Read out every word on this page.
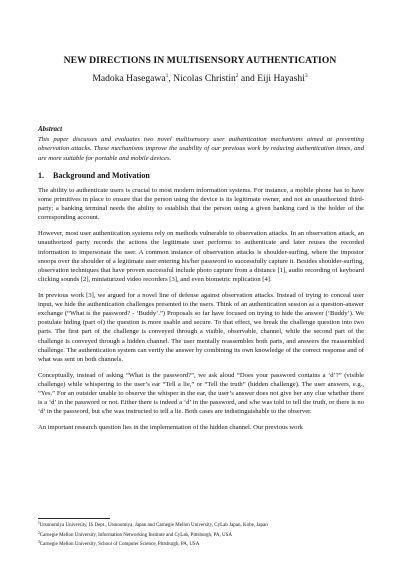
NEW DIRECTIONS IN MULTISENSORY AUTHENTICATION
Madoka Hasegawa$^1$, Nicolas Christin$^2$ and Eiji Hayashi$^3$
Abstract
This paper discusses and evaluates two novel multisensory user authentication mechanisms aimed at preventing observation attacks. These mechanisms improve the usability of our previous work by reducing authentication times, and are more suitable for portable and mobile devices.
1. Background and Motivation

The ability to authenticate users is crucial to most modern information systems. For instance, a mobile phone has to have some primitives in place to ensure that the person using the device is its legitimate owner, and not an unauthorized third-party; a banking terminal needs the ability to establish that the person using a given banking card is the holder of the corresponding account.

However, most user authentication systems rely on methods vulnerable to observation attacks. In an observation attack, an unauthorized party records the actions the legitimate user performs to authenticate and later reuses the recorded information to impersonate the user. A common instance of observation attacks is shoulder-surfing, where the impostor snoops over the shoulder of a legitimate user entering his/her password to successfully capture it. Besides shoulder-surfing, observation techniques that have proven successful include photo capture from a distance [1], audio recording of keyboard clicking sounds [2], miniaturized video recorders [3], and even biometric replication [4].

In previous work [3], we argued for a novel line of defense against observation attacks. Instead of trying to conceal user input, we hide the authentication challenges presented to the users. Think of an authentication session as a question-answer exchange (“What is the password? - ‘Buddy’.”) Proposals so far have focused on trying to hide the answer (‘Buddy’). We postulate hiding (part of) the question is more usable and secure. To that effect, we break the challenge question into two parts. The first part of the challenge is conveyed through a visible, observable, channel, while the second part of the challenge is conveyed through a hidden channel. The user mentally reassembles both parts, and answers the reassembled challenge. The authentication system can verify the answer by combining its own knowledge of the correct response and of what was sent on both channels.

Conceptually, instead of asking “What is the password?”, we ask aloud “Does your password contains a ‘d’?” (visible challenge) while whispering to the user’s ear “Tell a lie,” or “Tell the truth” (hidden challenge). The user answers, e.g., “Yes.” For an outsider unable to observe the whisper in the ear, the user’s answer does not give her any clue whether there is a ‘d’ in the password or not. Either there is indeed a ‘d’ in the password, and s/he was told to tell the truth, or there is no ‘d’ in the password, but s/he was instructed to tell a lie. Both cases are indistinguishable to the observer.

An important research question lies in the implementation of the hidden channel. Our previous work

$^1$Utsunomiya University, IS Dept., Utsunomiya, Japan and Carnegie Mellon University, CyLab Japan, Kobe, Japan
$^2$Carnegie Mellon University, Information Networking Institute and CyLab, Pittsburgh, PA, USA
$^3$Carnegie Mellon University, School of Computer Science, Pittsburgh, PA, USA
